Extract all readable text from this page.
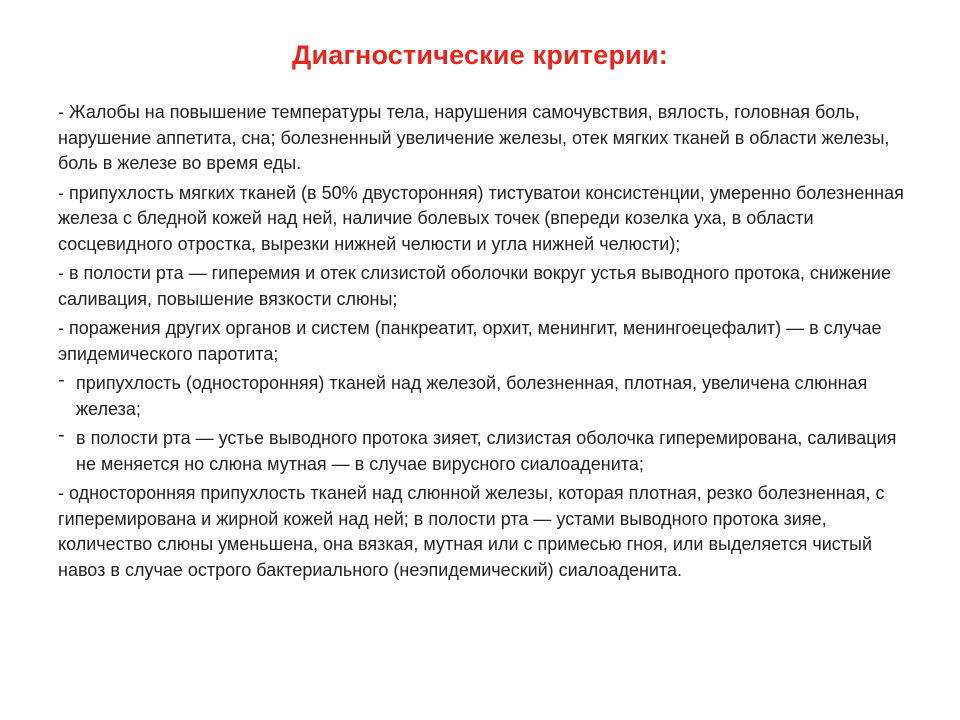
Диагностические критерии:

- Жалобы на повышение температуры тела, нарушения самочувствия, вялость, головная боль, нарушение аппетита, сна; болезненный увеличение железы, отек мягких тканей в области железы, боль в железе во время еды.

- припухлость мягких тканей (в 50% двусторонняя) тистуватои консистенции, умеренно болезненная железа с бледной кожей над ней, наличие болевых точек (впереди козелка уха, в области сосцевидного отростка, вырезки нижней челюсти и угла нижней челюсти);

- в полости рта — гиперемия и отек слизистой оболочки вокруг устья выводного протока, снижение саливация, повышение вязкости слюны;

- поражения других органов и систем (панкреатит, орхит, менингит, менингоецефалит) — в случае эпидемического паротита;

- припухлость (односторонняя) тканей над железой, болезненная, плотная, увеличена слюнная железа;
- в полости рта — устье выводного протока зияет, слизистая оболочка гиперемирована, саливация не меняется но слюна мутная — в случае вирусного сиалоаденита;

- односторонняя припухлость тканей над слюнной железы, которая плотная, резко болезненная, с гиперемирована и жирной кожей над ней; в полости рта — устами выводного протока зияе, количество слюны уменьшена, она вязкая, мутная или с примесью гноя, или выделяется чистый навоз в случае острого бактериального (неэпидемический) сиалоаденита.
